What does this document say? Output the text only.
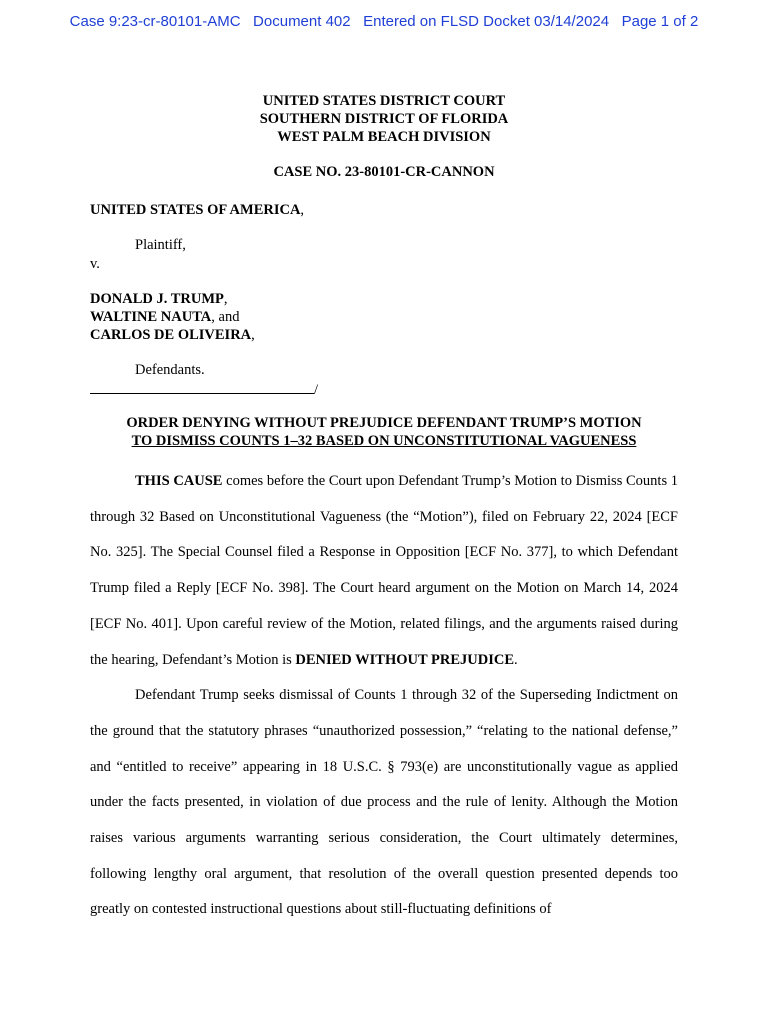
Case 9:23-cr-80101-AMC   Document 402   Entered on FLSD Docket 03/14/2024   Page 1 of 2
UNITED STATES DISTRICT COURT
SOUTHERN DISTRICT OF FLORIDA
WEST PALM BEACH DIVISION
CASE NO. 23-80101-CR-CANNON
UNITED STATES OF AMERICA,
Plaintiff,
v.
DONALD J. TRUMP,
WALTINE NAUTA, and
CARLOS DE OLIVEIRA,
Defendants.
/
ORDER DENYING WITHOUT PREJUDICE DEFENDANT TRUMP’S MOTION
TO DISMISS COUNTS 1–32 BASED ON UNCONSTITUTIONAL VAGUENESS

THIS CAUSE comes before the Court upon Defendant Trump’s Motion to Dismiss Counts 1 through 32 Based on Unconstitutional Vagueness (the “Motion”), filed on February 22, 2024 [ECF No. 325]. The Special Counsel filed a Response in Opposition [ECF No. 377], to which Defendant Trump filed a Reply [ECF No. 398]. The Court heard argument on the Motion on March 14, 2024 [ECF No. 401]. Upon careful review of the Motion, related filings, and the arguments raised during the hearing, Defendant’s Motion is DENIED WITHOUT PREJUDICE.

Defendant Trump seeks dismissal of Counts 1 through 32 of the Superseding Indictment on the ground that the statutory phrases “unauthorized possession,” “relating to the national defense,” and “entitled to receive” appearing in 18 U.S.C. § 793(e) are unconstitutionally vague as applied under the facts presented, in violation of due process and the rule of lenity. Although the Motion raises various arguments warranting serious consideration, the Court ultimately determines, following lengthy oral argument, that resolution of the overall question presented depends too greatly on contested instructional questions about still-fluctuating definitions of
